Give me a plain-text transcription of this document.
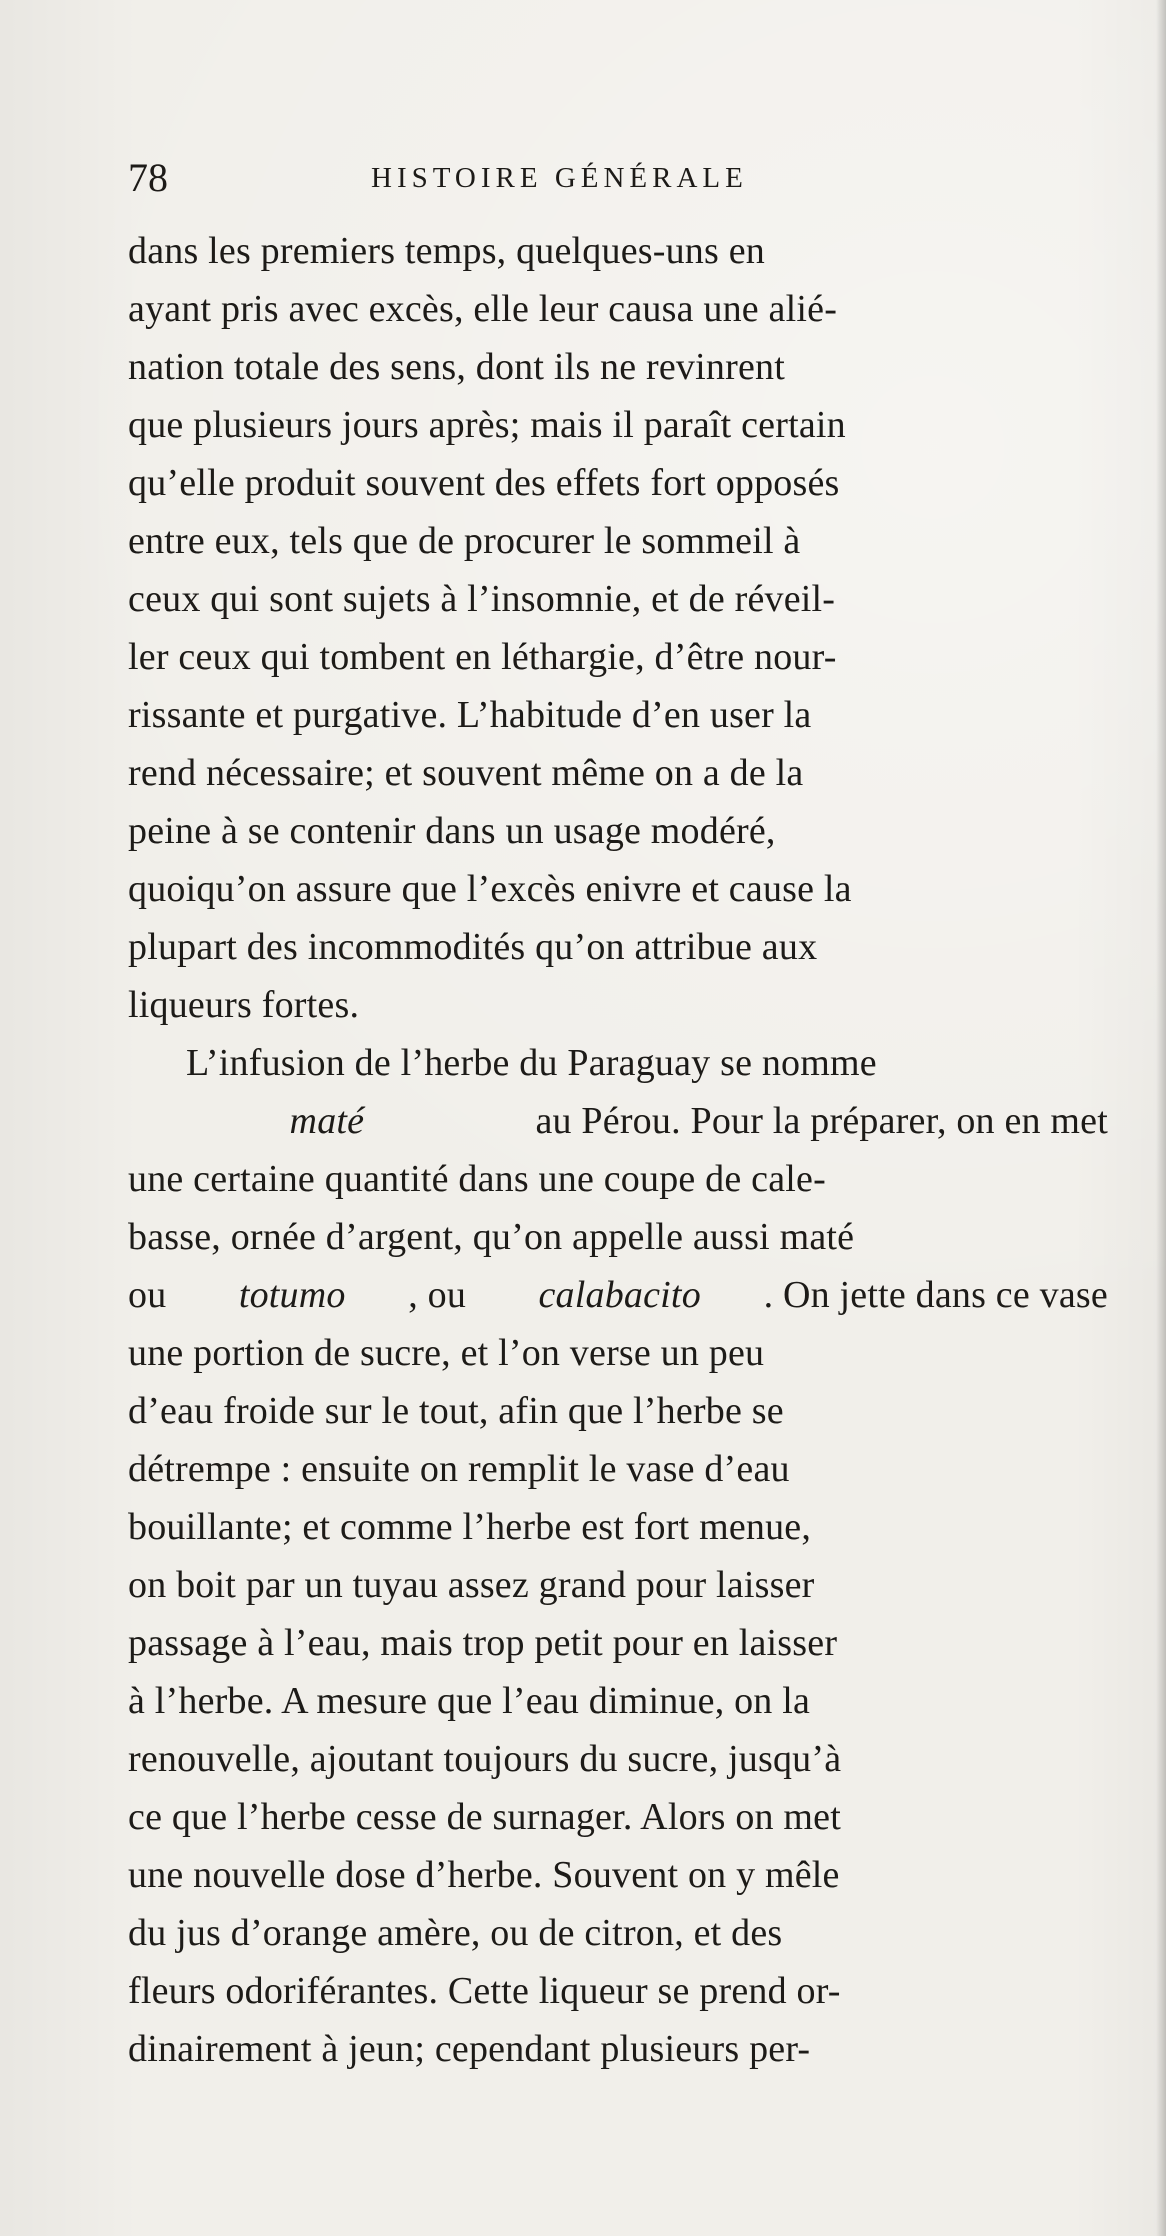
78	HISTOIRE GÉNÉRALE
dans les premiers temps, quelques-uns en
ayant pris avec excès, elle leur causa une alié-
nation totale des sens, dont ils ne revinrent
que plusieurs jours après; mais il paraît certain
qu’elle produit souvent des effets fort opposés
entre eux, tels que de procurer le sommeil à
ceux qui sont sujets à l’insomnie, et de réveil-
ler ceux qui tombent en léthargie, d’être nour-
rissante et purgative. L’habitude d’en user la
rend nécessaire; et souvent même on a de la
peine à se contenir dans un usage modéré,
quoiqu’on assure que l’excès enivre et cause la
plupart des incommodités qu’on attribue aux
liqueurs fortes.
L’infusion de l’herbe du Paraguay se nomme
maté	au Pérou. Pour la préparer, on en met
une certaine quantité dans une coupe de cale-
basse, ornée d’argent, qu’on appelle aussi maté
ou totumo , ou calabacito . On jette dans ce vase
une portion de sucre, et l’on verse un peu
d’eau froide sur le tout, afin que l’herbe se
détrempe : ensuite on remplit le vase d’eau
bouillante; et comme l’herbe est fort menue,
on boit par un tuyau assez grand pour laisser
passage à l’eau, mais trop petit pour en laisser
à l’herbe. A mesure que l’eau diminue, on la
renouvelle, ajoutant toujours du sucre, jusqu’à
ce que l’herbe cesse de surnager. Alors on met
une nouvelle dose d’herbe. Souvent on y mêle
du jus d’orange amère, ou de citron, et des
fleurs odoriférantes. Cette liqueur se prend or-
dinairement à jeun; cependant plusieurs per-
